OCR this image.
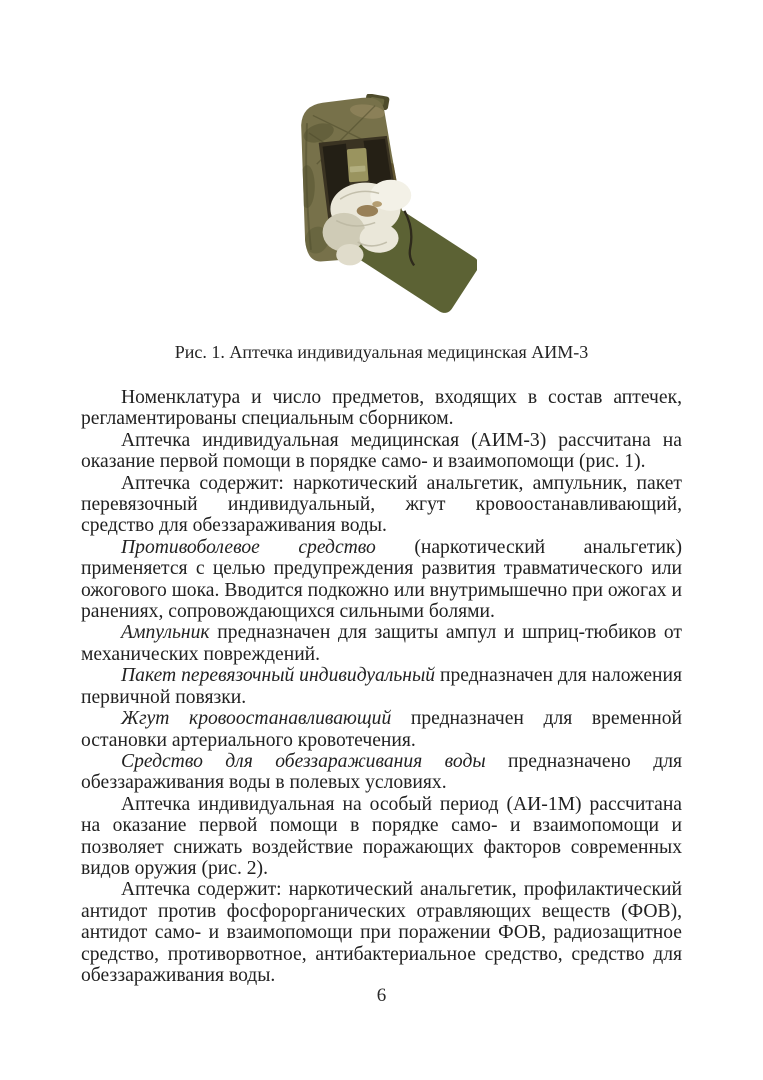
Рис. 1. Аптечка индивидуальная медицинская АИМ-3

Номенклатура и число предметов, входящих в состав аптечек, регламентированы специальным сборником.

Аптечка индивидуальная медицинская (АИМ-3) рассчитана на оказание первой помощи в порядке само- и взаимопомощи (рис. 1).

Аптечка содержит: наркотический анальгетик, ампульник, пакет перевязочный индивидуальный, жгут кровоостанавливающий, средство для обеззараживания воды.

Противоболевое средство (наркотический анальгетик) применяется с целью предупреждения развития травматического или ожогового шока. Вводится подкожно или внутримышечно при ожогах и ранениях, сопровождающихся сильными болями.

Ампульник предназначен для защиты ампул и шприц-тюбиков от механических повреждений.

Пакет перевязочный индивидуальный предназначен для наложения первичной повязки.

Жгут кровоостанавливающий предназначен для временной остановки артериального кровотечения.

Средство для обеззараживания воды предназначено для обеззараживания воды в полевых условиях.

Аптечка индивидуальная на особый период (АИ-1М) рассчитана на оказание первой помощи в порядке само- и взаимопомощи и позволяет снижать воздействие поражающих факторов современных видов оружия (рис. 2).

Аптечка содержит: наркотический анальгетик, профилактический антидот против фосфорорганических отравляющих веществ (ФОВ), антидот само- и взаимопомощи при поражении ФОВ, радиозащитное средство, противорвотное, антибактериальное средство, средство для обеззараживания воды.

6
